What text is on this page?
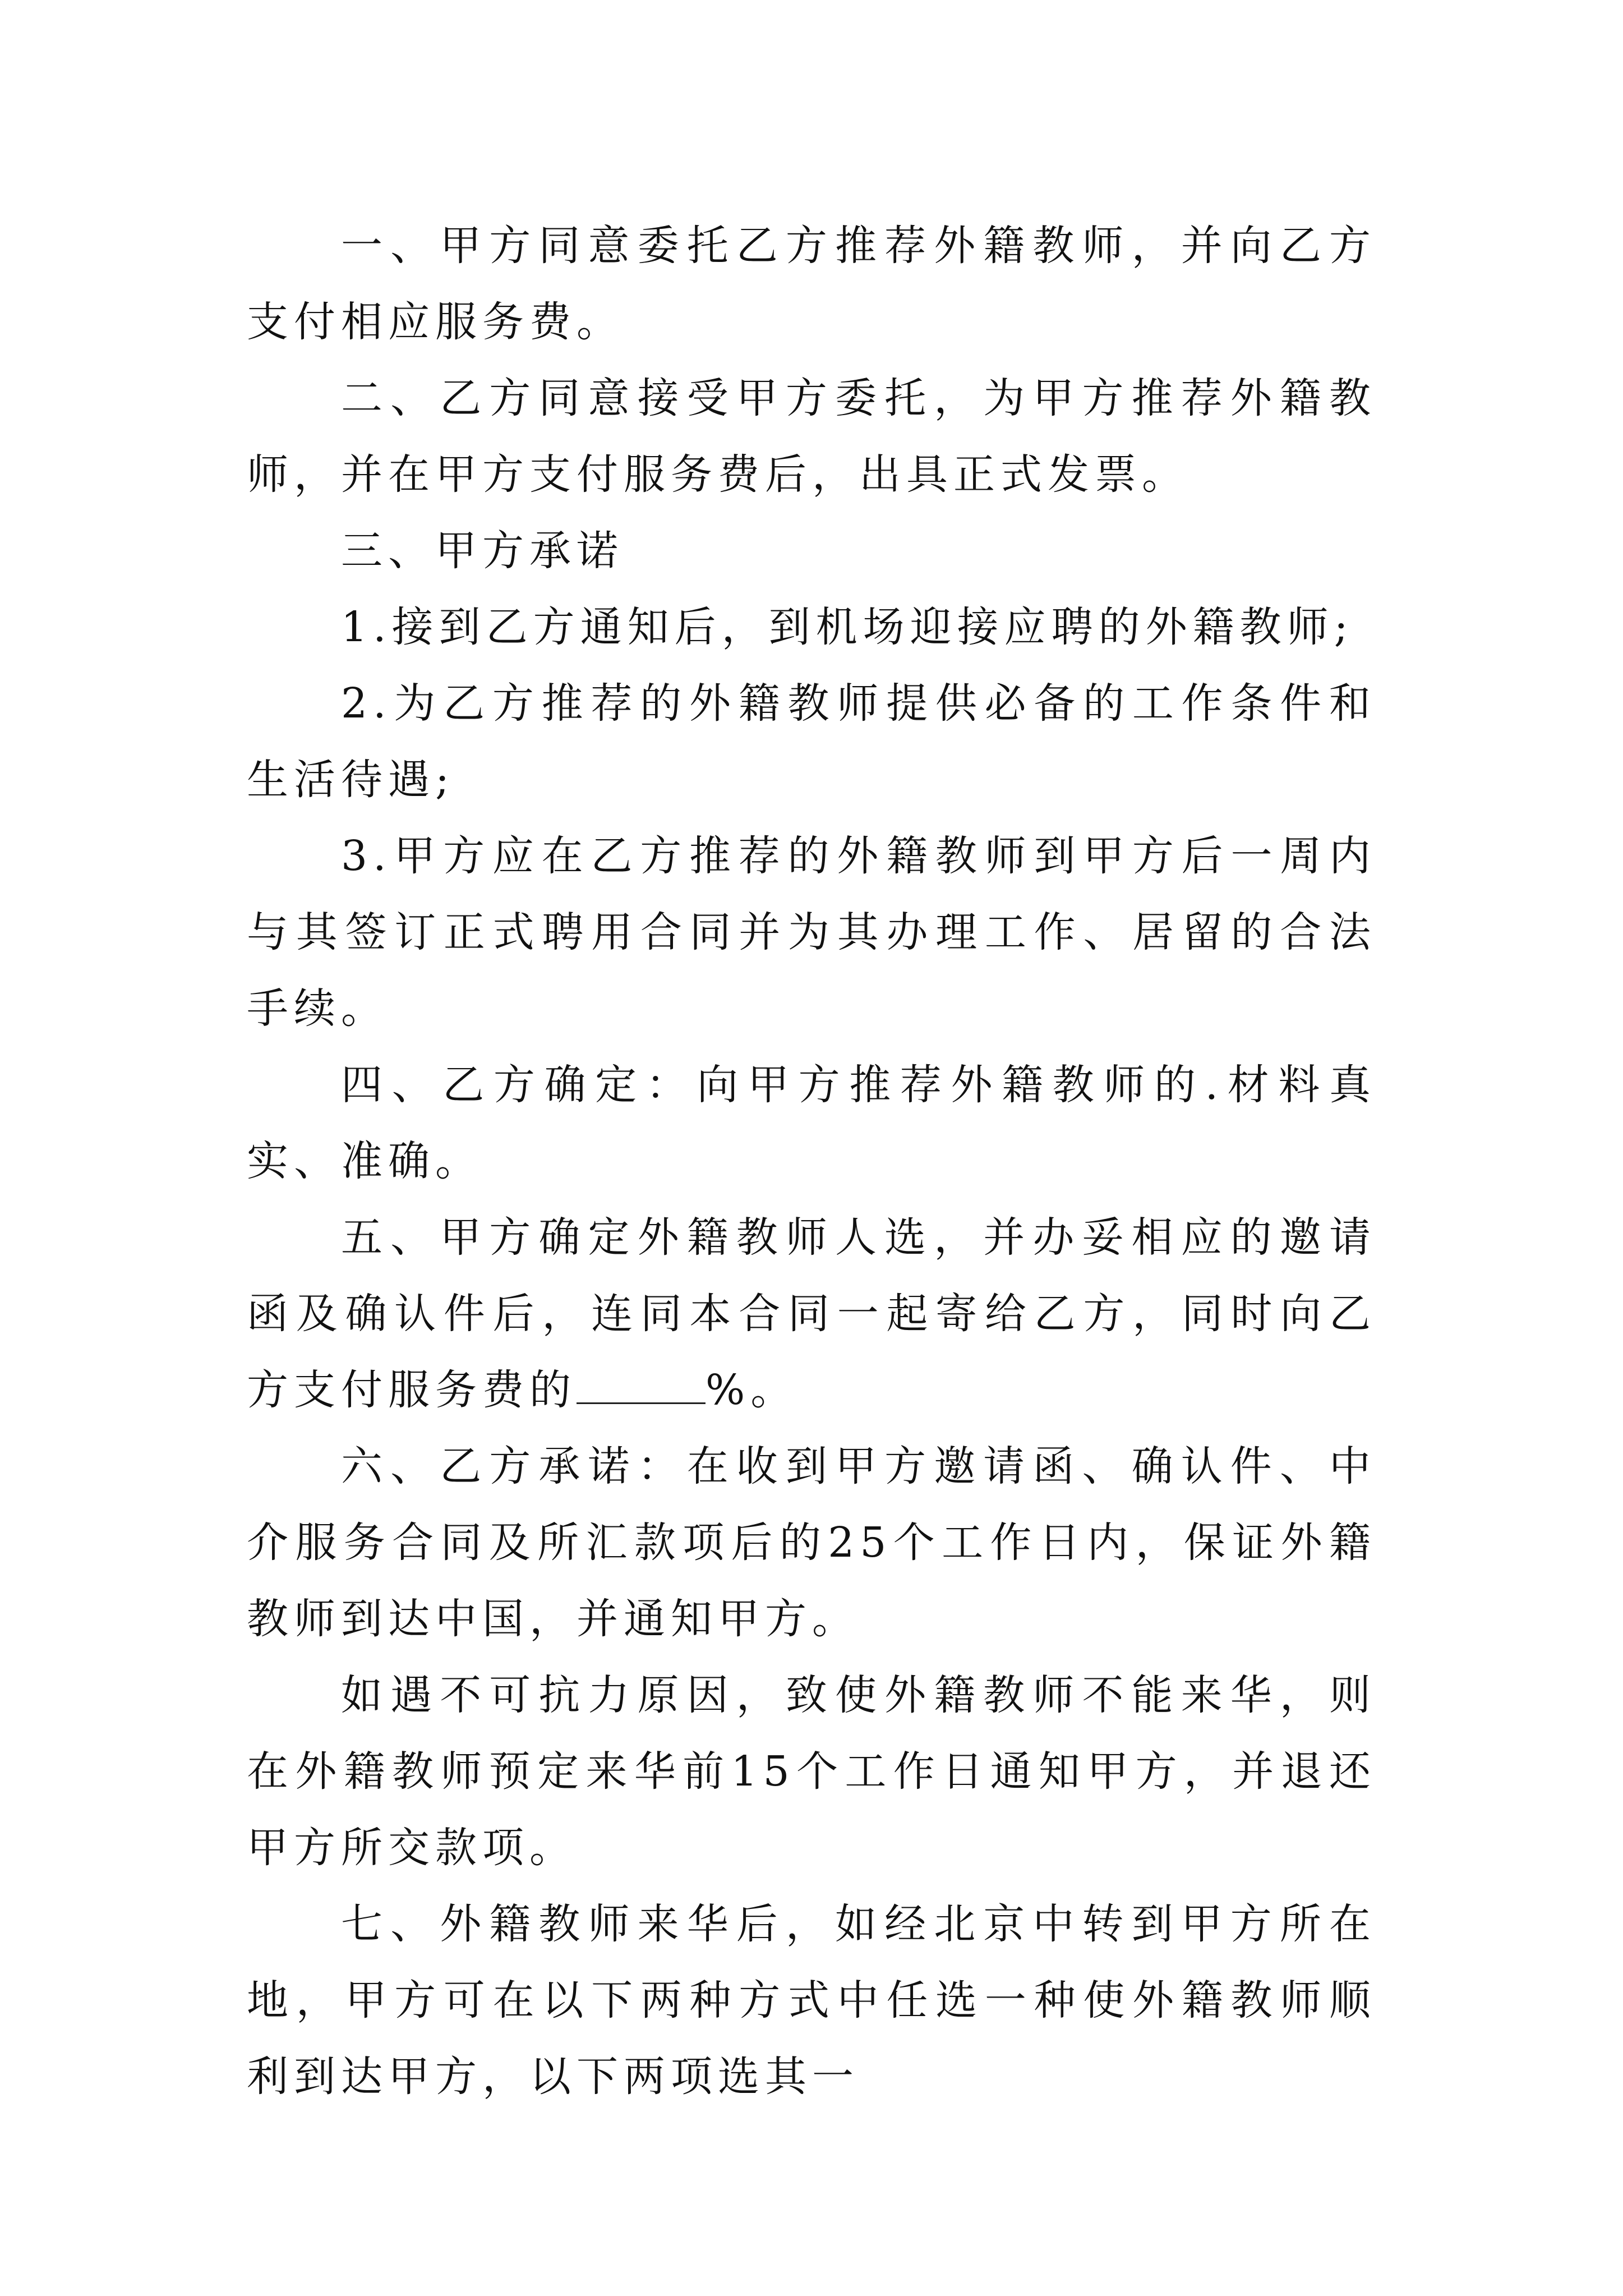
一、甲方同意委托乙方推荐外籍教师，并向乙方支付相应服务费。

二、乙方同意接受甲方委托，为甲方推荐外籍教师，并在甲方支付服务费后，出具正式发票。

三、甲方承诺

1.接到乙方通知后，到机场迎接应聘的外籍教师;

2.为乙方推荐的外籍教师提供必备的工作条件和生活待遇;

3.甲方应在乙方推荐的外籍教师到甲方后一周内与其签订正式聘用合同并为其办理工作、居留的合法手续。

四、乙方确定：向甲方推荐外籍教师的.材料真实、准确。

五、甲方确定外籍教师人选，并办妥相应的邀请函及确认件后，连同本合同一起寄给乙方，同时向乙方支付服务费的	%。

六、乙方承诺：在收到甲方邀请函、确认件、中介服务合同及所汇款项后的25个工作日内，保证外籍教师到达中国，并通知甲方。

如遇不可抗力原因，致使外籍教师不能来华，则在外籍教师预定来华前15个工作日通知甲方，并退还甲方所交款项。

七、外籍教师来华后，如经北京中转到甲方所在地，甲方可在以下两种方式中任选一种使外籍教师顺利到达甲方，以下两项选其一
